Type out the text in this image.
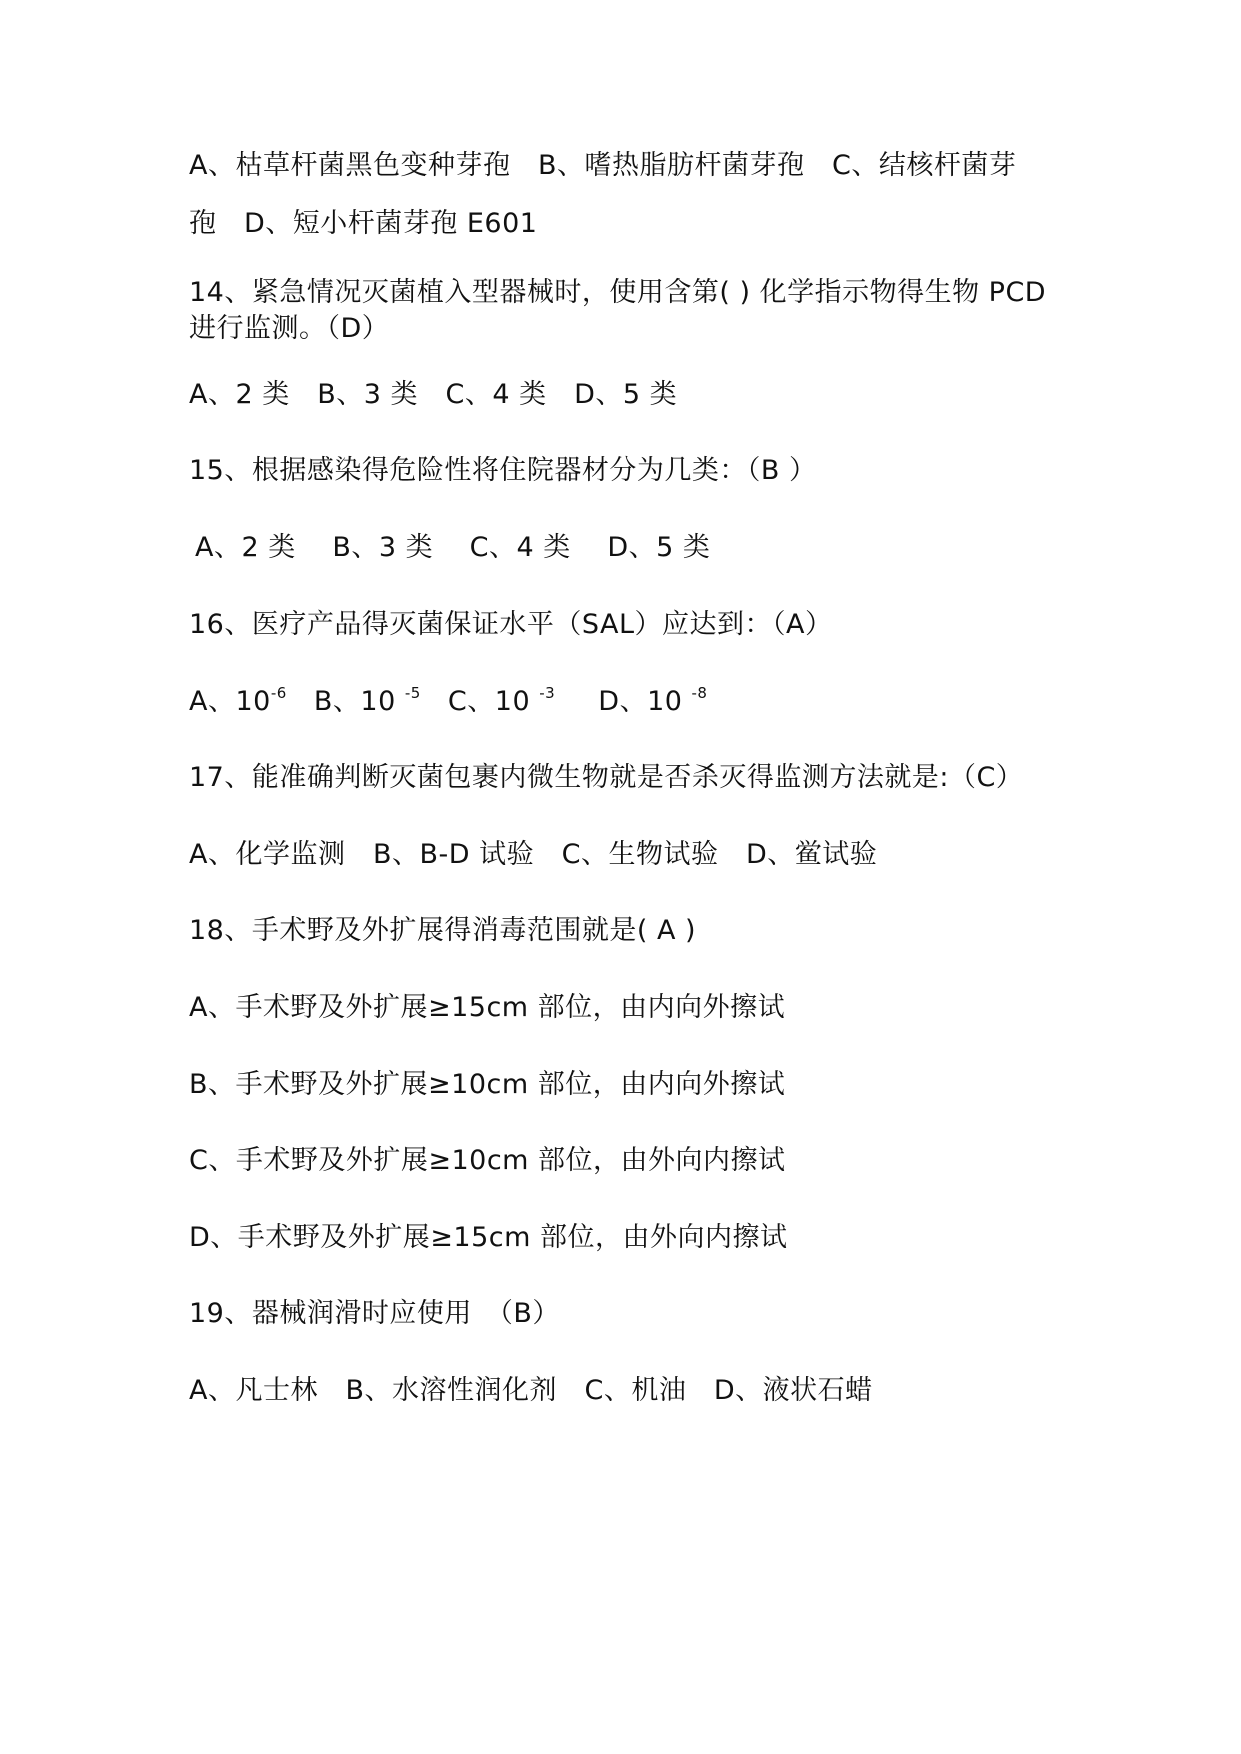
A、枯草杆菌黑色变种芽孢　B、嗜热脂肪杆菌芽孢　C、结核杆菌芽
孢　D、短小杆菌芽孢 E601
14、紧急情况灭菌植入型器械时，使用含第( ) 化学指示物得生物 PCD
进行监测。（D）
A、2 类　B、3 类　C、4 类　D、5 类
15、根据感染得危险性将住院器材分为几类：（B ）
A、2 类　 B、3 类　 C、4 类　 D、5 类
16、医疗产品得灭菌保证水平（SAL）应达到：（A）
A、$10^{-6}$ B、10 $^{-5}$ C、10 $^{-3}$ D、10 $^{-8}$
17、能准确判断灭菌包裹内微生物就是否杀灭得监测方法就是:（C）
A、化学监测　B、B-D 试验　C、生物试验　D、鲎试验
18、手术野及外扩展得消毒范围就是( A )
A、手术野及外扩展≥15cm 部位，由内向外擦试
B、手术野及外扩展≥10cm 部位，由内向外擦试
C、手术野及外扩展≥10cm 部位，由外向内擦试
D、手术野及外扩展≥15cm 部位，由外向内擦试
19、器械润滑时应使用　（B）
A、凡士林　B、水溶性润化剂　C、机油　D、液状石蜡
